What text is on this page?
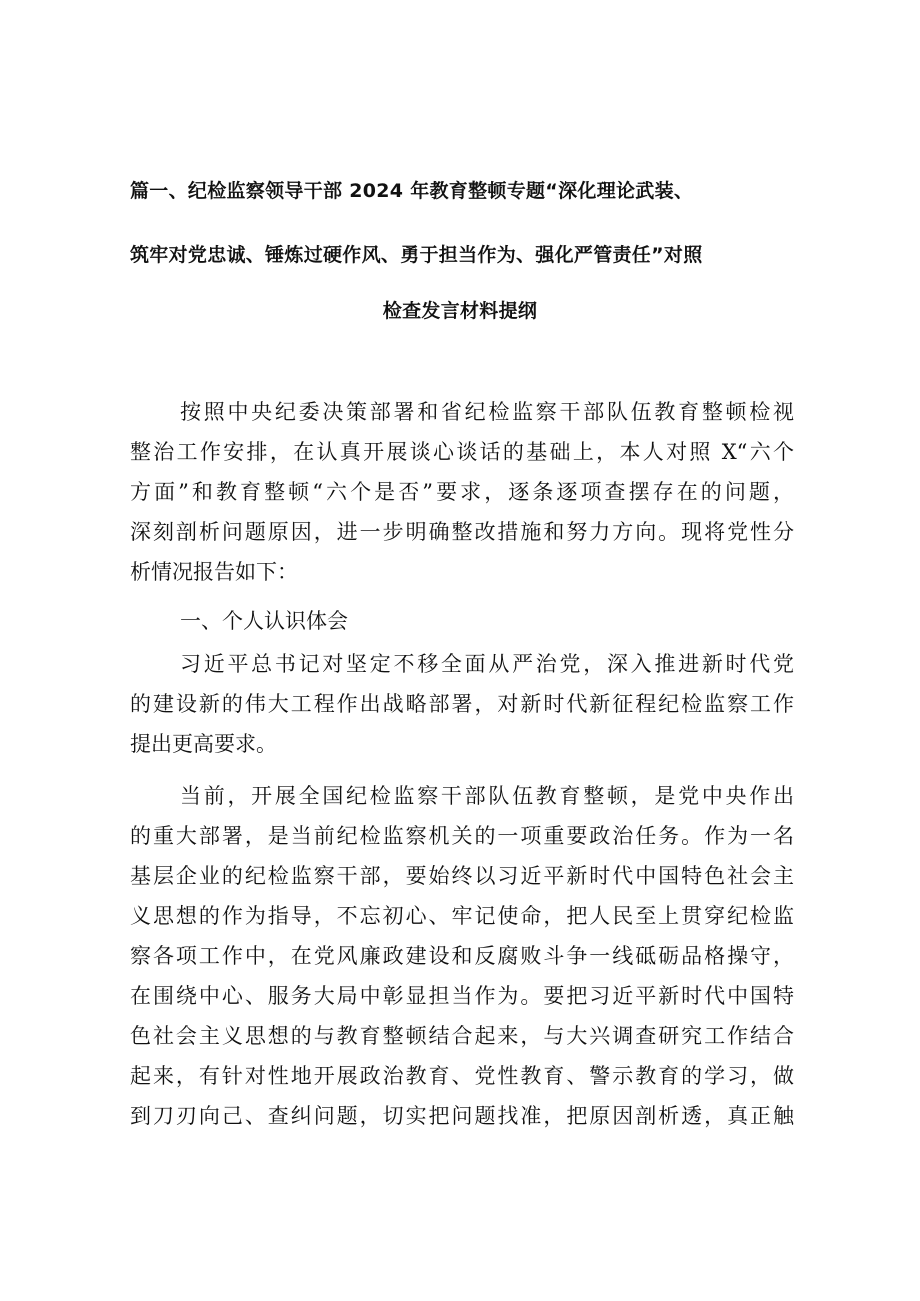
篇一、纪检监察领导干部 2024 年教育整顿专题“深化理论武装、
筑牢对党忠诚、锤炼过硬作风、勇于担当作为、强化严管责任”对照
检查发言材料提纲
按照中央纪委决策部署和省纪检监察干部队伍教育整顿检视
整治工作安排，在认真开展谈心谈话的基础上，本人对照 X“六个
方面”和教育整顿“六个是否”要求，逐条逐项查摆存在的问题，
深刻剖析问题原因，进一步明确整改措施和努力方向。现将党性分
析情况报告如下：
一、个人认识体会
习近平总书记对坚定不移全面从严治党，深入推进新时代党
的建设新的伟大工程作出战略部署，对新时代新征程纪检监察工作
提出更高要求。
当前，开展全国纪检监察干部队伍教育整顿，是党中央作出
的重大部署，是当前纪检监察机关的一项重要政治任务。作为一名
基层企业的纪检监察干部，要始终以习近平新时代中国特色社会主
义思想的作为指导，不忘初心、牢记使命，把人民至上贯穿纪检监
察各项工作中，在党风廉政建设和反腐败斗争一线砥砺品格操守，
在围绕中心、服务大局中彰显担当作为。要把习近平新时代中国特
色社会主义思想的与教育整顿结合起来，与大兴调查研究工作结合
起来，有针对性地开展政治教育、党性教育、警示教育的学习，做
到刀刃向己、查纠问题，切实把问题找准，把原因剖析透，真正触
